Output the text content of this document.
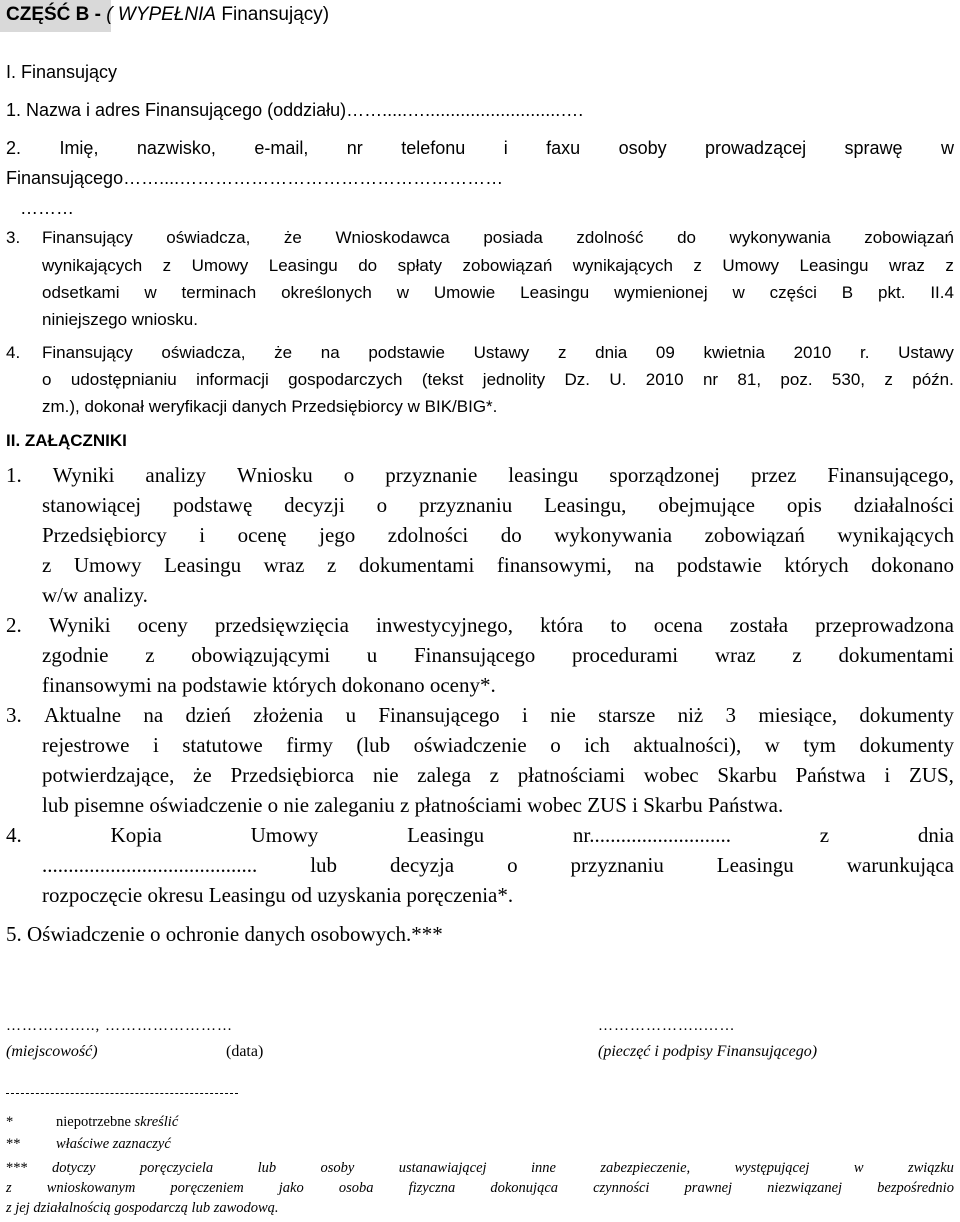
CZĘŚĆ B - ( WYPEŁNIA Finansujący)
I. Finansujący
1. Nazwa i adres Finansującego (oddziału)…….....…...........................….
2. Imię, nazwisko, e-mail, nr telefonu i faxu osoby prowadzącej sprawę w
Finansującego……....………………………………………………
………
3. Finansujący oświadcza, że Wnioskodawca posiada zdolność do wykonywania zobowiązań
wynikających z Umowy Leasingu do spłaty zobowiązań wynikających z Umowy Leasingu wraz z
odsetkami w terminach określonych w Umowie Leasingu wymienionej w części B pkt. II.4
niniejszego wniosku.
4. Finansujący oświadcza, że na podstawie Ustawy z dnia 09 kwietnia 2010 r. Ustawy
o udostępnianiu informacji gospodarczych (tekst jednolity Dz. U. 2010 nr 81, poz. 530, z późn.
zm.), dokonał weryfikacji danych Przedsiębiorcy w BIK/BIG*.
II. ZAŁĄCZNIKI
1. Wyniki analizy Wniosku o przyznanie leasingu sporządzonej przez Finansującego,
stanowiącej podstawę decyzji o przyznaniu Leasingu, obejmujące opis działalności
Przedsiębiorcy i ocenę jego zdolności do wykonywania zobowiązań wynikających
z Umowy Leasingu wraz z dokumentami finansowymi, na podstawie których dokonano
w/w analizy.
2. Wyniki oceny przedsięwzięcia inwestycyjnego, która to ocena została przeprowadzona
zgodnie z obowiązującymi u Finansującego procedurami wraz z dokumentami
finansowymi na podstawie których dokonano oceny*.
3. Aktualne na dzień złożenia u Finansującego i nie starsze niż 3 miesiące, dokumenty
rejestrowe i statutowe firmy (lub oświadczenie o ich aktualności), w tym dokumenty
potwierdzające, że Przedsiębiorca nie zalega z płatnościami wobec Skarbu Państwa i ZUS,
lub pisemne oświadczenie o nie zaleganiu z płatnościami wobec ZUS i Skarbu Państwa.
4.	Kopia	Umowy	Leasingu	nr...........................	z	dnia
.........................................	lub	decyzja	o	przyznaniu	Leasingu	warunkująca
rozpoczęcie okresu Leasingu od uzyskania poręczenia*.
5. Oświadczenie o ochronie danych osobowych.***
…………….., ……………………	………………..……
(miejscowość)	(data)	(pieczęć i podpisy Finansującego)
*	niepotrzebne skreślić
** właściwe zaznaczyć
*** dotyczy	poręczyciela	lub	osoby	ustanawiającej	inne	zabezpieczenie,	występującej	w	związku
z wnioskowanym poręczeniem jako osoba fizyczna dokonująca czynności prawnej niezwiązanej bezpośrednio
z jej działalnością gospodarczą lub zawodową.
